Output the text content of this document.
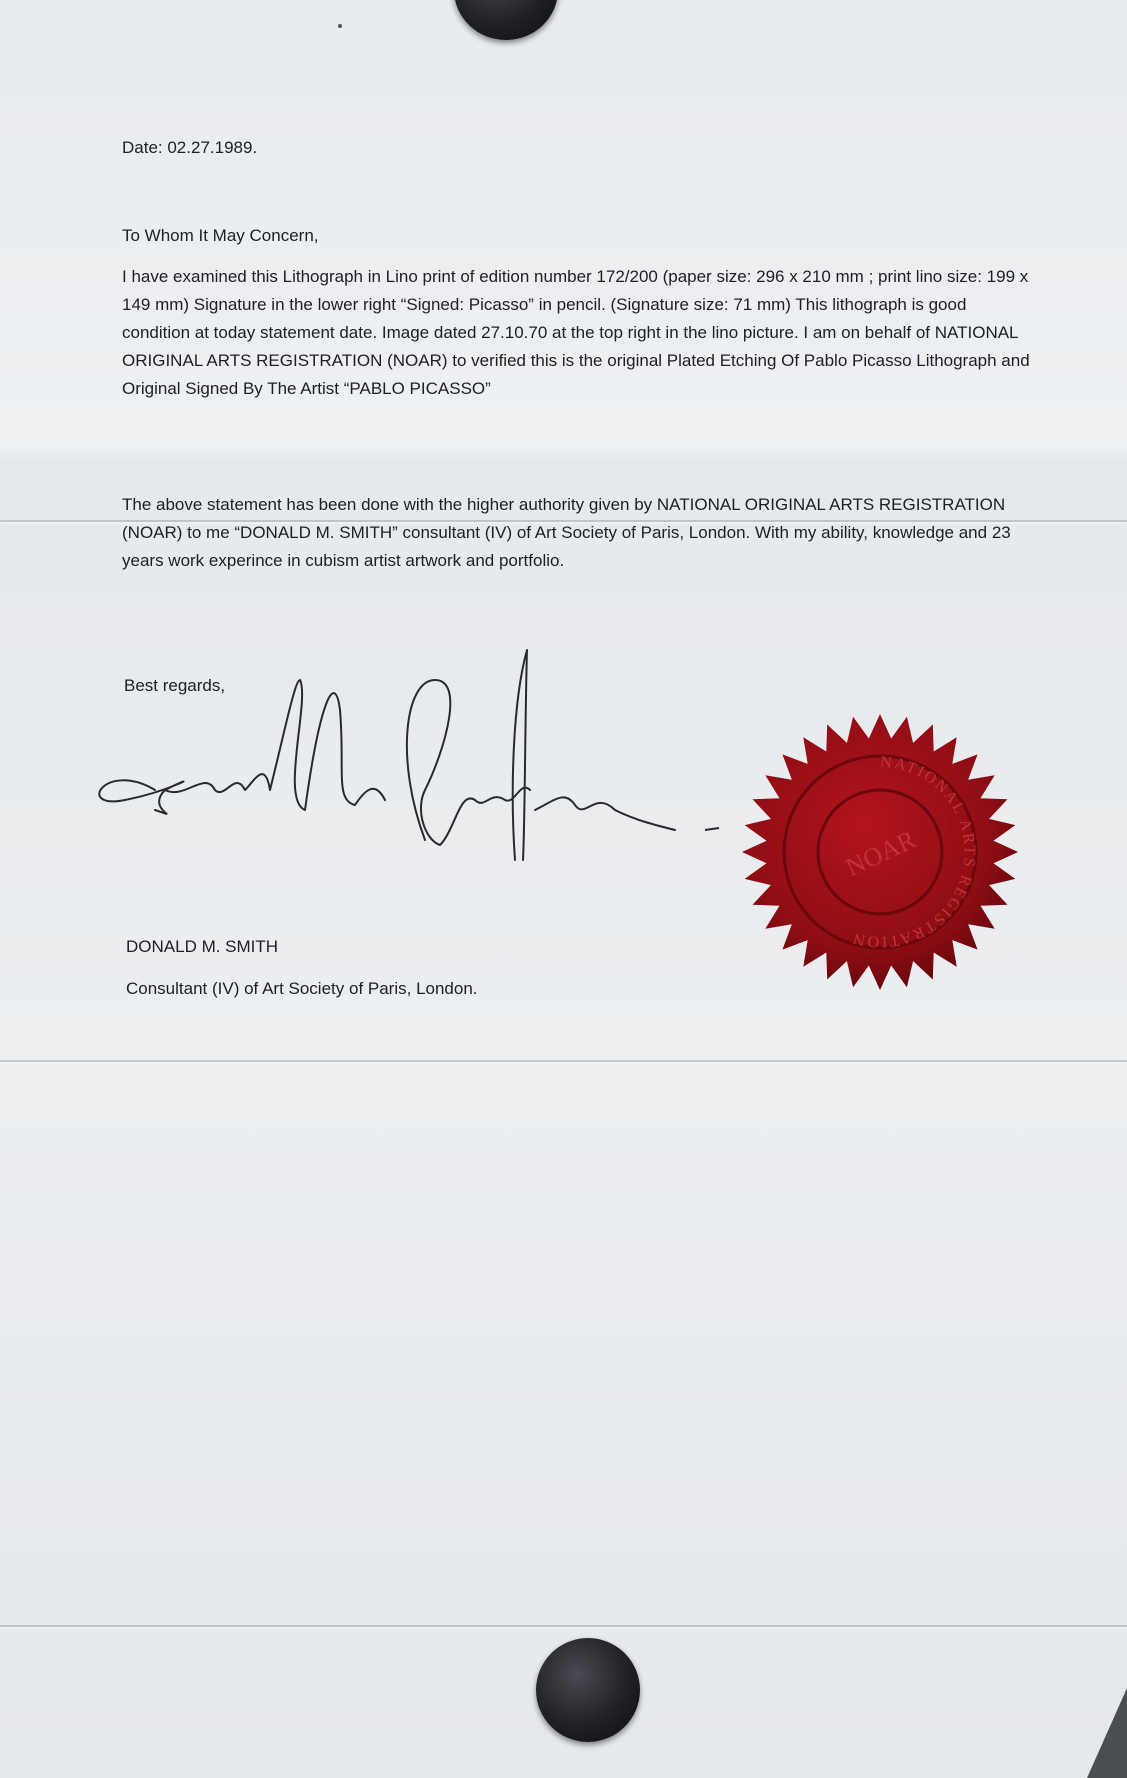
Date: 02.27.1989.
To Whom It May Concern,
I have examined this Lithograph in Lino print of edition number 172/200 (paper size: 296 x 210 mm ; print lino size: 199 x 149 mm) Signature in the lower right “Signed: Picasso” in pencil. (Signature size: 71 mm) This lithograph is good condition at today statement date. Image dated 27.10.70 at the top right in the lino picture. I am on behalf of NATIONAL ORIGINAL ARTS REGISTRATION (NOAR) to verified this is the original Plated Etching Of Pablo Picasso Lithograph and Original Signed By The Artist “PABLO PICASSO”
The above statement has been done with the higher authority given by NATIONAL ORIGINAL ARTS REGISTRATION (NOAR) to me “DONALD M. SMITH” consultant (IV) of Art Society of Paris, London. With my ability, knowledge and 23 years work experince in cubism artist artwork and portfolio.
Best regards,
NATIONAL ARTS REGISTRATION
NOAR
DONALD M. SMITH
Consultant (IV) of Art Society of Paris, London.
